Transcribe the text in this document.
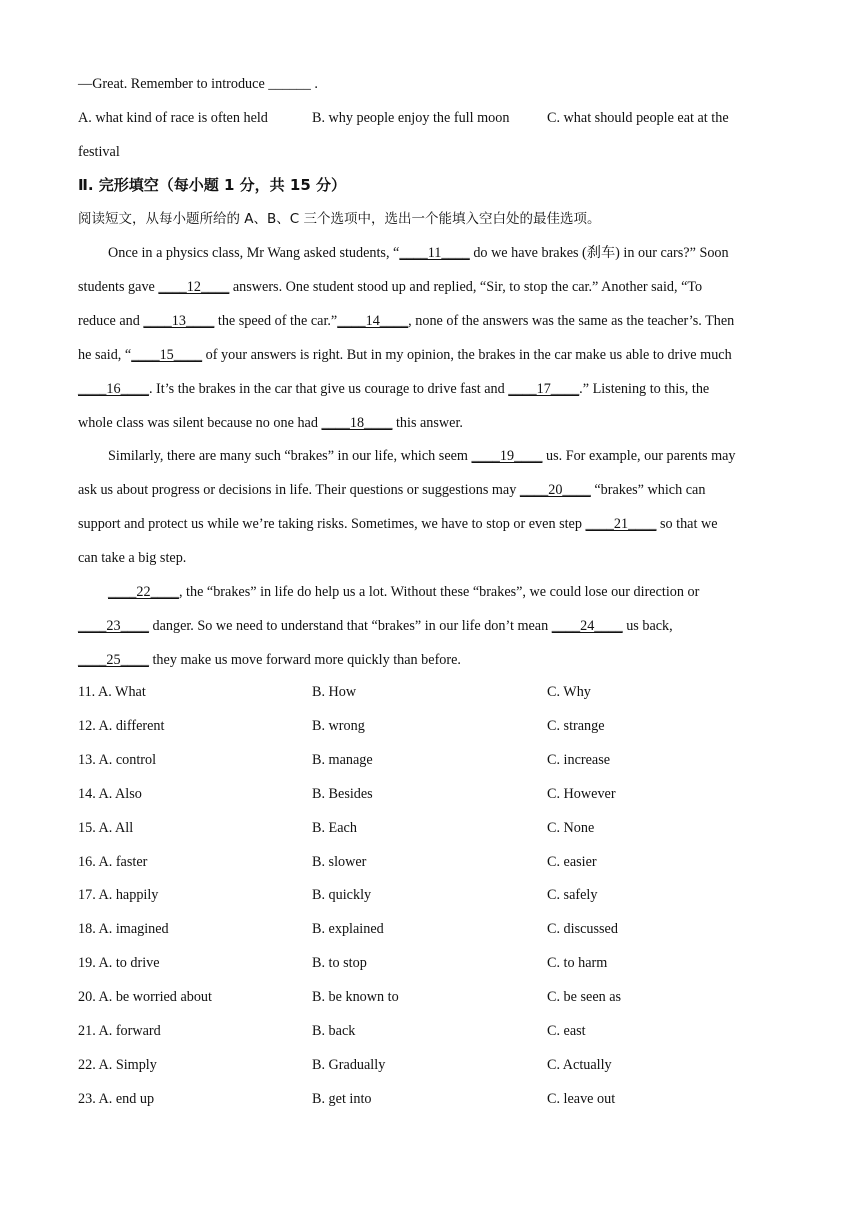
—Great. Remember to introduce ______ .
A. what kind of race is often held	B. why people enjoy the full moon	C. what should people eat at the
festival
Ⅱ. 完形填空（每小题 1 分，共 15 分）
阅读短文，从每小题所给的 A、B、C 三个选项中，选出一个能填入空白处的最佳选项。
Once in a physics class, Mr Wang asked students, “____11____ do we have brakes (刹车) in our cars?” Soon
students gave ____12____ answers. One student stood up and replied, “Sir, to stop the car.” Another said, “To
reduce and ____13____ the speed of the car.”____14____, none of the answers was the same as the teacher’s. Then
he said, “____15____ of your answers is right. But in my opinion, the brakes in the car make us able to drive much
____16____. It’s the brakes in the car that give us courage to drive fast and ____17____.” Listening to this, the
whole class was silent because no one had ____18____ this answer.
Similarly, there are many such “brakes” in our life, which seem ____19____ us. For example, our parents may
ask us about progress or decisions in life. Their questions or suggestions may ____20____ “brakes” which can
support and protect us while we’re taking risks. Sometimes, we have to stop or even step ____21____ so that we
can take a big step.
____22____, the “brakes” in life do help us a lot. Without these “brakes”, we could lose our direction or
____23____ danger. So we need to understand that “brakes” in our life don’t mean ____24____ us back,
____25____ they make us move forward more quickly than before.
11. A. What	B. How	C. Why
12. A. different	B. wrong	C. strange
13. A. control	B. manage	C. increase
14. A. Also	B. Besides	C. However
15. A. All	B. Each	C. None
16. A. faster	B. slower	C. easier
17. A. happily	B. quickly	C. safely
18. A. imagined	B. explained	C. discussed
19. A. to drive	B. to stop	C. to harm
20. A. be worried about	B. be known to	C. be seen as
21. A. forward	B. back	C. east
22. A. Simply	B. Gradually	C. Actually
23. A. end up	B. get into	C. leave out
